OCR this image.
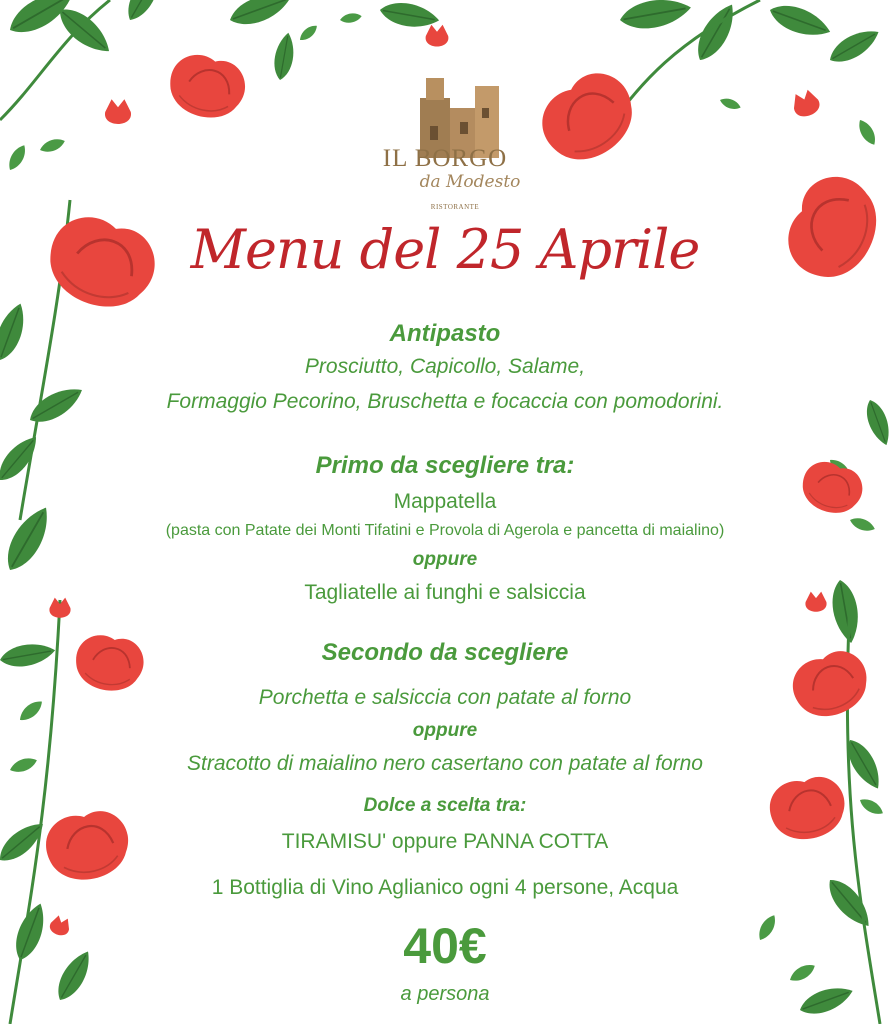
IL BORGO
da Modesto
RISTORANTE
Menu del 25 Aprile
Antipasto
Prosciutto, Capicollo, Salame,
Formaggio Pecorino, Bruschetta e focaccia con pomodorini.
Primo da scegliere tra:
Mappatella
(pasta con Patate dei Monti Tifatini e Provola di Agerola e pancetta di maialino)
oppure
Tagliatelle ai funghi e salsiccia
Secondo da scegliere
Porchetta e salsiccia con patate al forno
oppure
Stracotto di maialino nero casertano con patate al forno
Dolce a scelta tra:
TIRAMISU' oppure PANNA COTTA
1 Bottiglia di Vino Aglianico ogni 4 persone, Acqua
40€
a persona
